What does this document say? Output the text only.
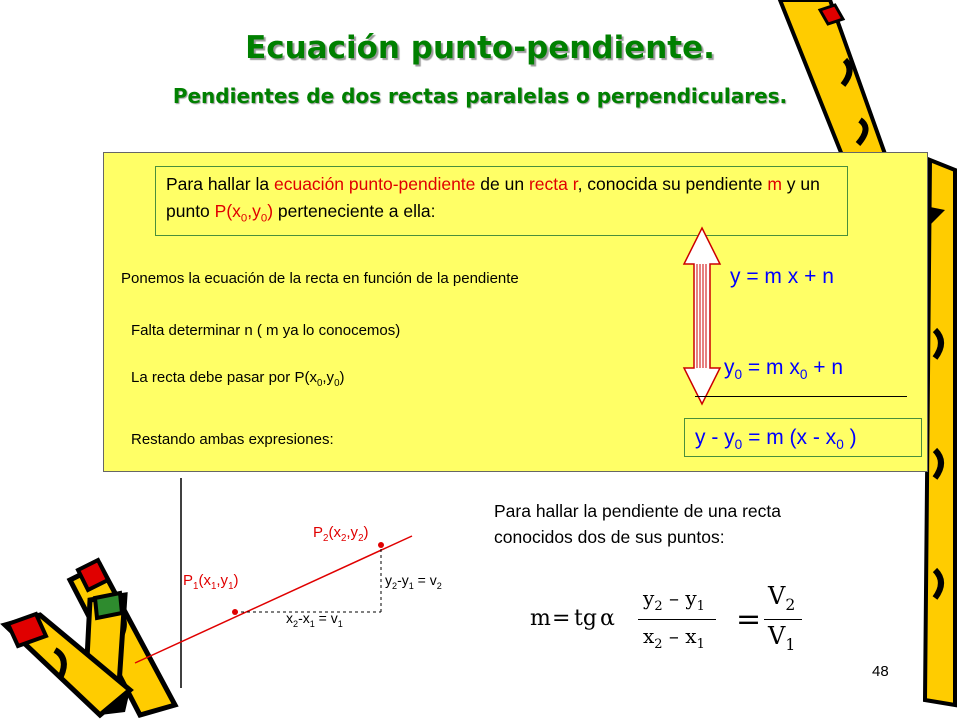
Ecuación punto-pendiente.
Pendientes de dos rectas paralelas o perpendiculares.
Para hallar la ecuación punto-pendiente de un recta r, conocida su pendiente m y un punto $P(x_0,y_0)$ perteneciente a ella:
Ponemos la ecuación de la recta en función de la pendiente
Falta determinar n ( m ya lo conocemos)
La recta debe pasar por $P(x_0,y_0)$
Restando ambas expresiones:
y = m x + n
$y_0 = m$ $x_0 + n$
$y - y_0 = m$ ($x - x_0$ )
$P_2(x_2,y_2)$
$P_1(x_1,y_1)$	$y_2-y_1 = v_2$
$x_2-x_1 = v_1$
Para hallar la pendiente de una recta
conocidos dos de sus puntos:
m = tg α
$y_2 - y_1$
$x_2 - x_1$
=
$V_2$
$V_1$
48
